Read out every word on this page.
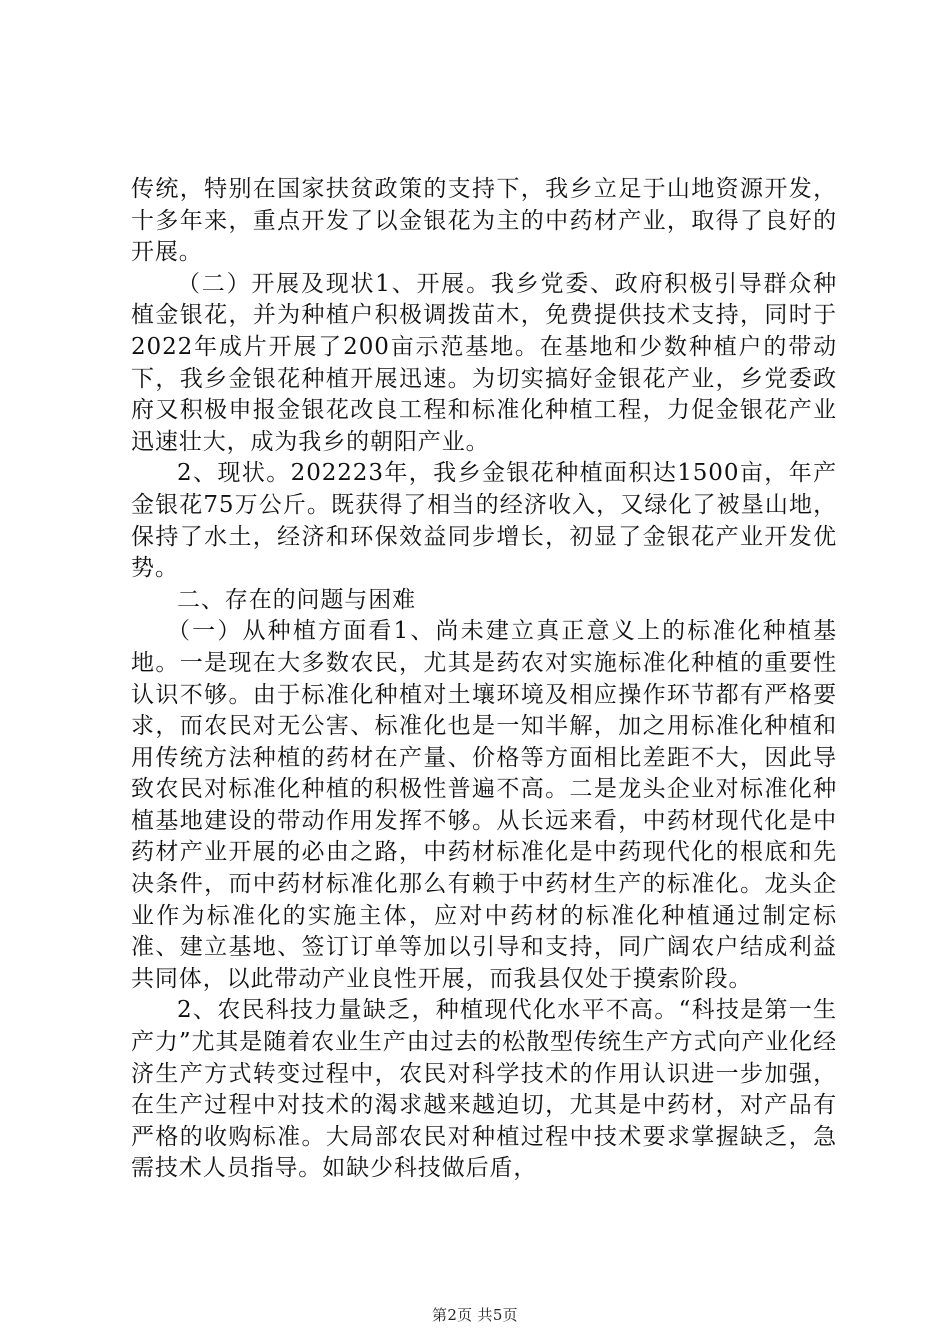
传统，特别在国家扶贫政策的支持下，我乡立足于山地资源开发，十多年来，重点开发了以金银花为主的中药材产业，取得了良好的开展。

（二）开展及现状1、开展。我乡党委、政府积极引导群众种植金银花，并为种植户积极调拨苗木，免费提供技术支持，同时于2022年成片开展了200亩示范基地。在基地和少数种植户的带动下，我乡金银花种植开展迅速。为切实搞好金银花产业，乡党委政府又积极申报金银花改良工程和标准化种植工程，力促金银花产业迅速壮大，成为我乡的朝阳产业。

2、现状。202223年，我乡金银花种植面积达1500亩，年产金银花75万公斤。既获得了相当的经济收入，又绿化了被垦山地，保持了水土，经济和环保效益同步增长，初显了金银花产业开发优势。

二、存在的问题与困难

（一）从种植方面看1、尚未建立真正意义上的标准化种植基地。一是现在大多数农民，尤其是药农对实施标准化种植的重要性认识不够。由于标准化种植对土壤环境及相应操作环节都有严格要求，而农民对无公害、标准化也是一知半解，加之用标准化种植和用传统方法种植的药材在产量、价格等方面相比差距不大，因此导致农民对标准化种植的积极性普遍不高。二是龙头企业对标准化种植基地建设的带动作用发挥不够。从长远来看，中药材现代化是中药材产业开展的必由之路，中药材标准化是中药现代化的根底和先决条件，而中药材标准化那么有赖于中药材生产的标准化。龙头企业作为标准化的实施主体，应对中药材的标准化种植通过制定标准、建立基地、签订订单等加以引导和支持，同广阔农户结成利益共同体，以此带动产业良性开展，而我县仅处于摸索阶段。

2、农民科技力量缺乏，种植现代化水平不高。“科技是第一生产力”尤其是随着农业生产由过去的松散型传统生产方式向产业化经济生产方式转变过程中，农民对科学技术的作用认识进一步加强，在生产过程中对技术的渴求越来越迫切，尤其是中药材，对产品有严格的收购标准。大局部农民对种植过程中技术要求掌握缺乏，急需技术人员指导。如缺少科技做后盾，

第2页 共5页
